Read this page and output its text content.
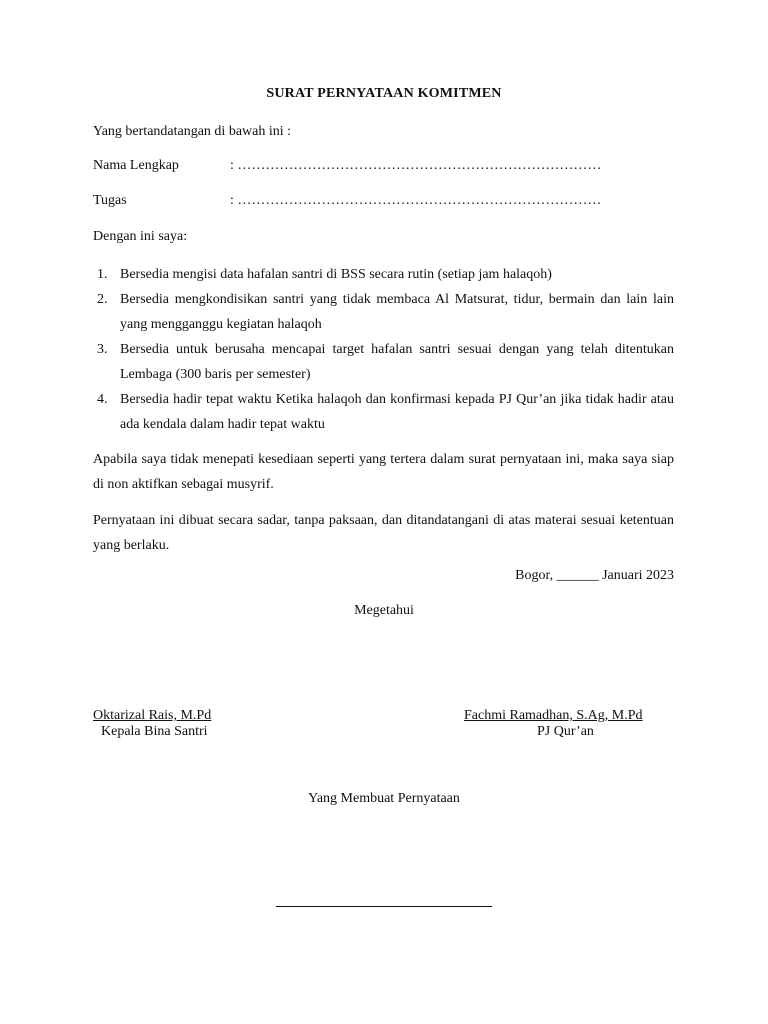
SURAT PERNYATAAN KOMITMEN
Yang bertandatangan di bawah ini :
Nama Lengkap	: ……………………………………………………………………
Tugas	: ……………………………………………………………………
Dengan ini saya:
1. Bersedia mengisi data hafalan santri di BSS secara rutin (setiap jam halaqoh)
2. Bersedia mengkondisikan santri yang tidak membaca Al Matsurat, tidur, bermain dan lain lain yang mengganggu kegiatan halaqoh
3. Bersedia untuk berusaha mencapai target hafalan santri sesuai dengan yang telah ditentukan Lembaga (300 baris per semester)
4. Bersedia hadir tepat waktu Ketika halaqoh dan konfirmasi kepada PJ Qur’an jika tidak hadir atau ada kendala dalam hadir tepat waktu
Apabila saya tidak menepati kesediaan seperti yang tertera dalam surat pernyataan ini, maka saya siap di non aktifkan sebagai musyrif.
Pernyataan ini dibuat secara sadar, tanpa paksaan, dan ditandatangani di atas materai sesuai ketentuan yang berlaku.
Bogor, ______ Januari 2023
Megetahui
Oktarizal Rais, M.Pd
Kepala Bina Santri
Fachmi Ramadhan, S.Ag, M.Pd
PJ Qur’an
Yang Membuat Pernyataan
